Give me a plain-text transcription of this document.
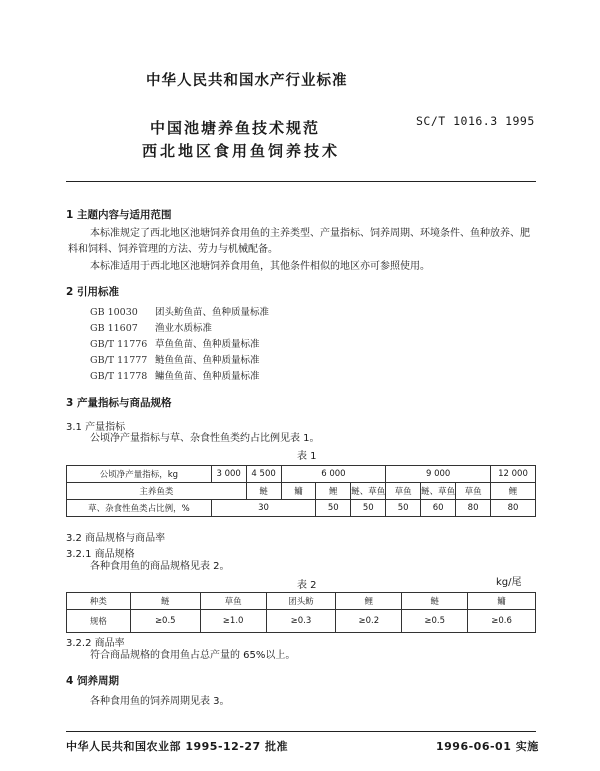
中华人民共和国水产行业标准
中国池塘养鱼技术规范
西北地区食用鱼饲养技术
SC/T 1016.3 1995
1 主题内容与适用范围
本标准规定了西北地区池塘饲养食用鱼的主养类型、产量指标、饲养周期、环境条件、鱼种放养、肥
料和饲料、饲养管理的方法、劳力与机械配备。
本标准适用于西北地区池塘饲养食用鱼，其他条件相似的地区亦可参照使用。
2 引用标准
GB 10030 团头鲂鱼苗、鱼种质量标准
GB 11607 渔业水质标准
GB/T 11776 草鱼鱼苗、鱼种质量标准
GB/T 11777 鲢鱼鱼苗、鱼种质量标准
GB/T 11778 鳙鱼鱼苗、鱼种质量标准
3 产量指标与商品规格
3.1 产量指标
公顷净产量指标与草、杂食性鱼类约占比例见表 1。
表 1
公顷净产量指标，kg	3 000	4 500	6 000			9 000			12 000
主养鱼类		鲢	鳙	鲤	鲢、草鱼	草鱼	鲢、草鱼	草鱼	鲤
草、杂食性鱼类占比例，%	30			50	50	50	60	80	80
3.2 商品规格与商品率
3.2.1 商品规格
各种食用鱼的商品规格见表 2。
表 2	kg/尾
种类	鲢	草鱼	团头鲂	鲤	鲢	鳙
规格	≥0.5	≥1.0	≥0.3	≥0.2	≥0.5	≥0.6
3.2.2 商品率
符合商品规格的食用鱼占总产量的 65%以上。
4 饲养周期
各种食用鱼的饲养周期见表 3。
中华人民共和国农业部 1995-12-27 批准	1996-06-01 实施
